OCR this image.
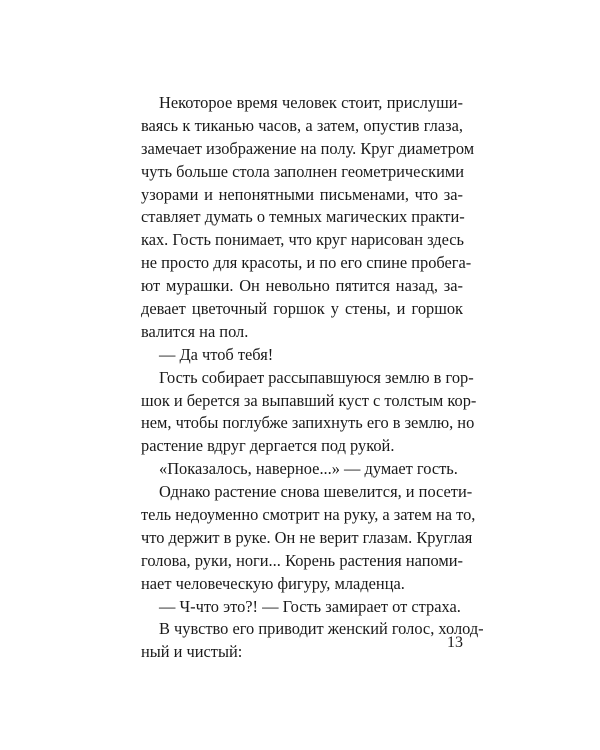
Некоторое время человек стоит, прислуши-
ваясь к тиканью часов, а затем, опустив глаза,
замечает изображение на полу. Круг диаметром
чуть больше стола заполнен геометрическими
узорами и непонятными письменами, что за-
ставляет думать о темных магических практи-
ках. Гость понимает, что круг нарисован здесь
не просто для красоты, и по его спине пробега-
ют мурашки. Он невольно пятится назад, за-
девает цветочный горшок у стены, и горшок
валится на пол.
— Да чтоб тебя!
Гость собирает рассыпавшуюся землю в гор-
шок и берется за выпавший куст с толстым кор-
нем, чтобы поглубже запихнуть его в землю, но
растение вдруг дергается под рукой.
«Показалось, наверное...» — думает гость.
Однако растение снова шевелится, и посети-
тель недоуменно смотрит на руку, а затем на то,
что держит в руке. Он не верит глазам. Круглая
голова, руки, ноги... Корень растения напоми-
нает человеческую фигуру, младенца.
— Ч-что это?! — Гость замирает от страха.
В чувство его приводит женский голос, холод-
ный и чистый:	13
